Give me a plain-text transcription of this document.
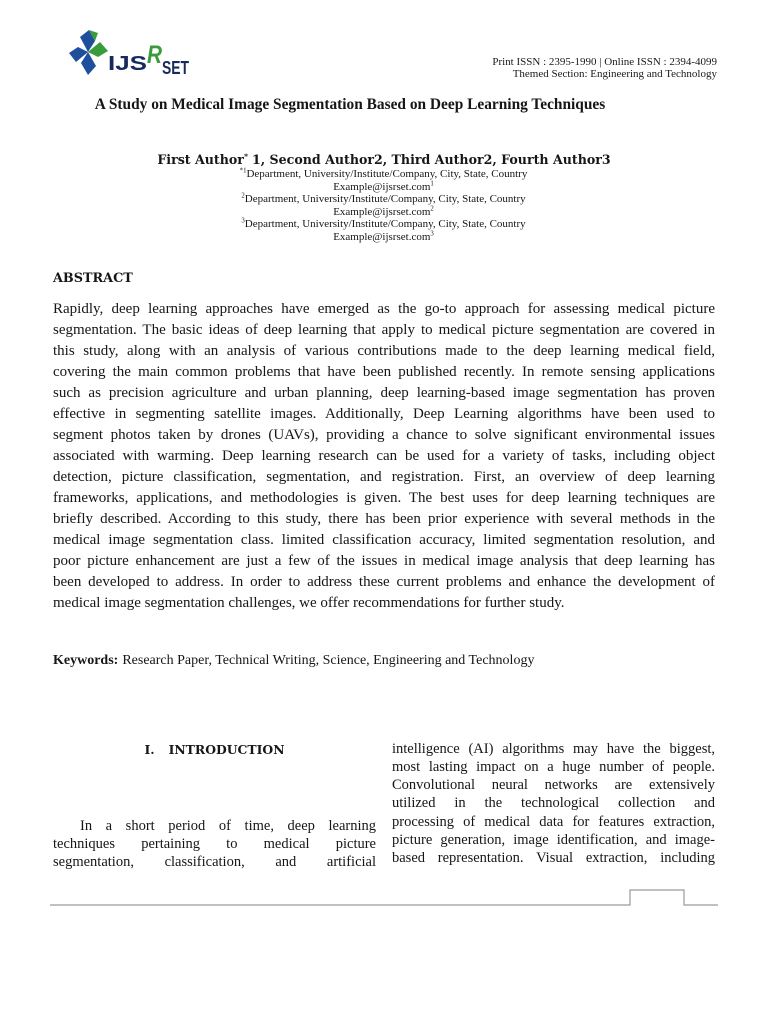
IJS R SET	Print ISSN : 2395-1990 | Online ISSN : 2394-4099
Themed Section: Engineering and Technology
A Study on Medical Image Segmentation Based on Deep Learning Techniques
First Author* 1, Second Author2, Third Author2, Fourth Author3
$^{*1}$Department, University/Institute/Company, City, State, Country
Example@ijsrset.com$^1$
$^2$Department, University/Institute/Company, City, State, Country
Example@ijsrset.com$^2$
$^3$Department, University/Institute/Company, City, State, Country
Example@ijsrset.com$^3$
ABSTRACT
Rapidly, deep learning approaches have emerged as the go-to approach for assessing medical picture
segmentation. The basic ideas of deep learning that apply to medical picture segmentation are covered in
this study, along with an analysis of various contributions made to the deep learning medical field,
covering the main common problems that have been published recently. In remote sensing applications
such as precision agriculture and urban planning, deep learning-based image segmentation has proven
effective in segmenting satellite images. Additionally, Deep Learning algorithms have been used to
segment photos taken by drones (UAVs), providing a chance to solve significant environmental issues
associated with warming. Deep learning research can be used for a variety of tasks, including object
detection, picture classification, segmentation, and registration. First, an overview of deep learning
frameworks, applications, and methodologies is given. The best uses for deep learning techniques are
briefly described. According to this study, there has been prior experience with several methods in the
medical image segmentation class. limited classification accuracy, limited segmentation resolution, and
poor picture enhancement are just a few of the issues in medical image analysis that deep learning has
been developed to address. In order to address these current problems and enhance the development of
medical image segmentation challenges, we offer recommendations for further study.
Keywords: Research Paper, Technical Writing, Science, Engineering and Technology
I. INTRODUCTION
In a short period of time, deep learning
techniques pertaining to medical picture
segmentation, classification, and artificial
intelligence (AI) algorithms may have the biggest,
most lasting impact on a huge number of people.
Convolutional neural networks are extensively
utilized in the technological collection and
processing of medical data for features extraction,
picture generation, image identification, and image-
based representation. Visual extraction, including
